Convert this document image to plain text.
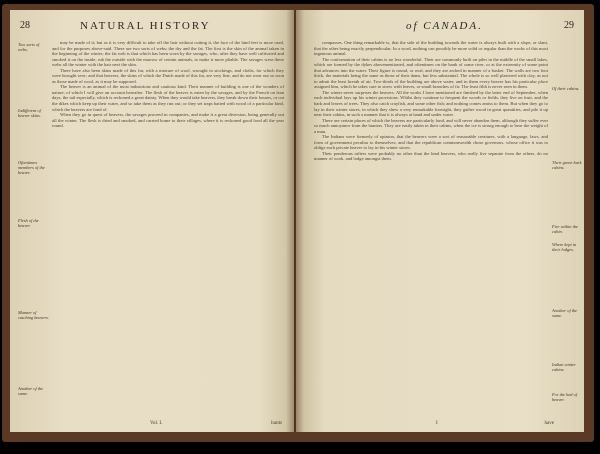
28	NATURAL HISTORY
Two sorts of webs.
Indifferent of beaver skins.
Oftentimes members of the beaver.
Flesh of the beaver.
Manner of catching beavers.
Another of the same.

may be made of it; but as it is very difficult to take off the hair without cutting it, the face of the hind feet is more used, and for the purposes above-said. There are two sorts of webs; the dry and the fat. The first is the skin of the animal taken in the beginning of the winter; the fat web is that which has been worn by the savages, who, after they have well cultivated and smoked it on the inside, rub the outside with the marrow of certain animals, to make it more pliable. The savages wear these webs all the winter with the hair next the skin.

There have also been skins made of this fur, with a mixture of wool, wrought in stockings, and cloths, for which they were brought over; and that beavers, the skins of which the Dutch made of this fur, are very fine, and do not wear out so soon as those made of wool, as it may be supposed.

The beaver is an animal of the most industrious and cautious kind. Their manner of building is one of the wonders of nature; of which I will give an account hereafter. The flesh of the beaver is eaten by the savages, and by the French on lean days, the tail especially, which is reckoned a great dainty. When they would take beavers, they break down their houses, or cut the dikes which keep up their water, and so take them as they run out; or they set traps baited with wood of a particular kind, which the beavers are fond of.

When they go in quest of beavers, the savages proceed in companies, and make it a great diversion, being generally out all the winter. The flesh is dried and smoked, and carried home to their villages, where it is reckoned good food all the year round.

Vol. I.	hunts
of CANADA.	29
Of their cabins.
Their green bark cabins.
Fire within the cabin.
Where kept in their lodges.
Another of the same.
Indian winter cabins.
For the bed of beaver.

compasses. One thing remarkable is, that the side of the building towards the water is always built with a slope, or slant, that the other being exactly perpendicular. In a word, nothing can possibly be more solid or regular than the works of this most ingenious animal.

The conformation of their cabins is no less wonderful. Their are commonly built on piles in the middle of the small lakes, which are formed by the dykes abovementioned, and oftentimes on the bank of some river, or at the extremity of some point that advances into the water. Their figure is round, or oval, and they are arched in manner of a basket. The walls are two foot thick, the materials being the same as those of their dams, but less substantial. The whole is so well plastered with clay, as not to admit the least breath of air. Two-thirds of the building are above water, and in them every beaver has his particular place assigned him, which he takes care to strew with leaves, or small branches of fir. The least filth is never seen in them.

The winter never surprises the beavers. All the works I have mentioned are finished by the latter end of September, when each individual lays up his winter provisions. Whilst they continue to frequent the woods or fields, they live on fruit, and the bark and leaves of trees. They also catch crayfish, and some other fish; and nothing comes amiss to them. But when they go to lay in their winter stores, in which they shew a very remarkable foresight, they gather wood in great quantities, and pile it up near their cabins, in such a manner that it is always at hand and under water.

There are certain places of which the beavers are particularly fond, and will never abandon them, although they suffer ever so much annoyance from the hunters. They are easily taken in their cabins, when the ice is strong enough to bear the weight of a man.

The Indians were formerly of opinion, that the beavers were a sort of reasonable creatures, with a language, laws, and form of government peculiar to themselves; and that the republican commonwealth chose governors, whose office it was to oblige each private beaver to lay in his winter stores.

Their ponderous rafters were probably no other than the hind beavers, who really live separate from the others, do no manner of work, and lodge amongst them.

I	have
